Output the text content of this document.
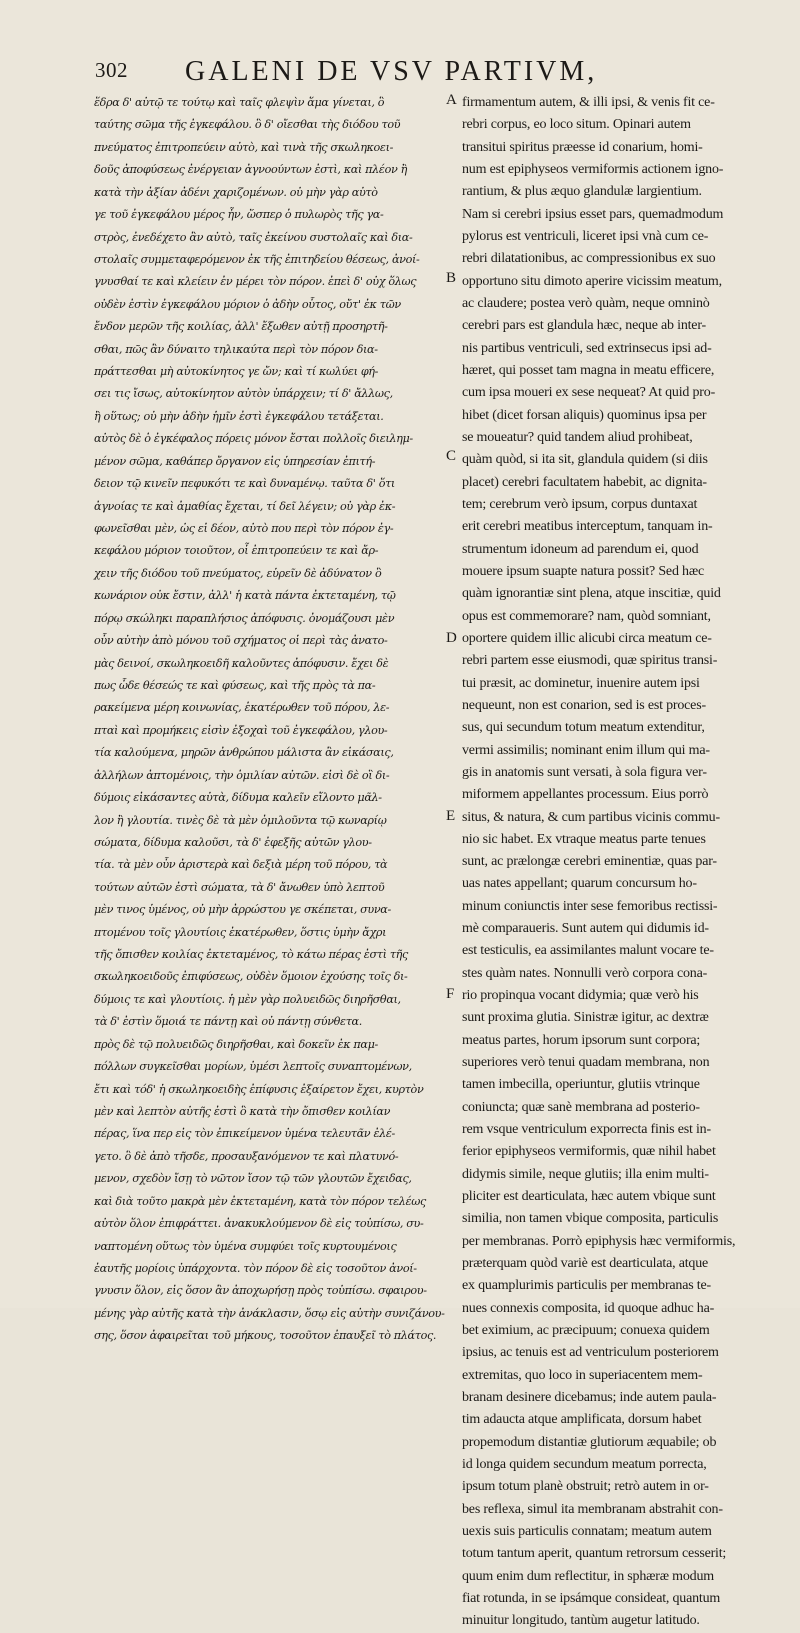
302 GALENI DE VSV PARTIVM,
ἕδρα δ' αὐτῷ τε τούτῳ καὶ ταῖς φλεψὶν ἅμα γίνεται, ὃ
ταύτης σῶμα τῆς ἐγκεφάλου. ὃ δ' οἴεσθαι τὴς διόδου τοῦ
πνεύματος ἐπιτροπεύειν αὐτὸ, καὶ τινὰ τῆς σκωληκοει-
δοῦς ἀποφύσεως ἐνέργειαν ἀγνοούντων ἐστὶ, καὶ πλέον ἢ
κατὰ τὴν ἀξίαν ἀδένι χαριζομένων. οὐ μὴν γὰρ αὐτὸ
γε τοῦ ἐγκεφάλου μέρος ἦν, ὥσπερ ὁ πυλωρὸς τῆς γα-
στρὸς, ἐνεδέχετο ἂν αὐτὸ, ταῖς ἐκείνου συστολαῖς καὶ δια-
στολαῖς συμμεταφερόμενον ἐκ τῆς ἐπιτηδείου θέσεως, ἀνοί-
γνυσθαί τε καὶ κλείειν ἐν μέρει τὸν πόρον. ἐπεὶ δ' οὐχ ὅλως
οὐδὲν ἐστὶν ἐγκεφάλου μόριον ὁ ἀδὴν οὗτος, οὔτ' ἐκ τῶν
ἔνδον μερῶν τῆς κοιλίας, ἀλλ' ἔξωθεν αὐτῇ προσηρτῆ-
σθαι, πῶς ἂν δύναιτο τηλικαύτα περὶ τὸν πόρον δια-
πράττεσθαι μὴ αὐτοκίνητος γε ὤν; καὶ τί κωλύει φή-
σει τις ἴσως, αὐτοκίνητον αὐτὸν ὑπάρχειν; τί δ' ἄλλως,
ἢ οὕτως; οὐ μὴν ἀδὴν ἡμῖν ἐστὶ ἐγκεφάλου τετάξεται.
αὐτὸς δὲ ὁ ἐγκέφαλος πόρεις μόνον ἔσται πολλοῖς διειλημ-
μένον σῶμα, καθάπερ ὄργανον εἰς ὑπηρεσίαν ἐπιτή-
δειον τῷ κινεῖν πεφυκότι τε καὶ δυναμένῳ. ταῦτα δ' ὅτι
ἀγνοίας τε καὶ ἀμαθίας ἔχεται, τί δεῖ λέγειν; οὐ γὰρ ἐκ-
φωνεῖσθαι μὲν, ὡς εἰ δέον, αὐτὸ που περὶ τὸν πόρον ἐγ-
κεφάλου μόριον τοιοῦτον, οἷ ἐπιτροπεύειν τε καὶ ἄρ-
χειν τῆς διόδου τοῦ πνεύματος, εὑρεῖν δὲ ἀδύνατον ὃ
κωνάριον οὐκ ἔστιν, ἀλλ' ἡ κατὰ πάντα ἐκτεταμένη, τῷ
πόρῳ σκώληκι παραπλήσιος ἀπόφυσις. ὀνομάζουσι μὲν
οὖν αὐτὴν ἀπὸ μόνου τοῦ σχήματος οἱ περὶ τὰς ἀνατο-
μὰς δεινοί, σκωληκοειδῆ καλοῦντες ἀπόφυσιν. ἔχει δὲ
πως ὧδε θέσεώς τε καὶ φύσεως, καὶ τῆς πρὸς τὰ πα-
ρακείμενα μέρη κοινωνίας, ἑκατέρωθεν τοῦ πόρου, λε-
πταὶ καὶ προμήκεις εἰσὶν ἐξοχαὶ τοῦ ἐγκεφάλου, γλου-
τία καλούμενα, μηρῶν ἀνθρώπου μάλιστα ἂν εἰκάσαις,
ἀλλήλων ἁπτομένοις, τὴν ὁμιλίαν αὐτῶν. εἰσὶ δὲ οἳ δι-
δύμοις εἰκάσαντες αὐτὰ, δίδυμα καλεῖν εἴλοντο μᾶλ-
λον ἢ γλουτία. τινὲς δὲ τὰ μὲν ὁμιλοῦντα τῷ κωναρίῳ
σώματα, δίδυμα καλοῦσι, τὰ δ' ἐφεξῆς αὐτῶν γλου-
τία. τὰ μὲν οὖν ἀριστερὰ καὶ δεξιὰ μέρη τοῦ πόρου, τὰ
τούτων αὐτῶν ἐστὶ σώματα, τὰ δ' ἄνωθεν ὑπὸ λεπτοῦ
μὲν τινος ὑμένος, οὐ μὴν ἀρρώστου γε σκέπεται, συνα-
πτομένου τοῖς γλουτίοις ἑκατέρωθεν, ὅστις ὑμὴν ἄχρι
τῆς ὄπισθεν κοιλίας ἐκτεταμένος, τὸ κάτω πέρας ἐστὶ τῆς
σκωληκοειδοῦς ἐπιφύσεως, οὐδὲν ὅμοιον ἐχούσης τοῖς δι-
δύμοις τε καὶ γλουτίοις. ἡ μὲν γὰρ πολυειδῶς διηρῆσθαι,
τὰ δ' ἐστὶν ὅμοιά τε πάντῃ καὶ οὐ πάντῃ σύνθετα.
πρὸς δὲ τῷ πολυειδῶς διηρῆσθαι, καὶ δοκεῖν ἐκ παμ-
πόλλων συγκεῖσθαι μορίων, ὑμέσι λεπτοῖς συναπτομένων,
ἔτι καὶ τόδ' ἡ σκωληκοειδὴς ἐπίφυσις ἐξαίρετον ἔχει, κυρτὸν
μὲν καὶ λεπτὸν αὐτῆς ἐστὶ ὃ κατὰ τὴν ὄπισθεν κοιλίαν
πέρας, ἵνα περ εἰς τὸν ἐπικείμενον ὑμένα τελευτᾶν ἐλέ-
γετο. ὃ δὲ ἀπὸ τῆσδε, προσαυξανόμενον τε καὶ πλατυνό-
μενον, σχεδὸν ἴσῃ τὸ νῶτον ἴσον τῷ τῶν γλουτῶν ἔχειδας,
καὶ διὰ τοῦτο μακρὰ μὲν ἐκτεταμένη, κατὰ τὸν πόρον τελέως
αὐτὸν ὅλον ἐπιφράττει. ἀνακυκλούμενον δὲ εἰς τοὐπίσω, συ-
ναπτομένη οὕτως τὸν ὑμένα συμφύει τοῖς κυρτουμένοις
ἑαυτῆς μορίοις ὑπάρχοντα. τὸν πόρον δὲ εἰς τοσοῦτον ἀνοί-
γνυσιν ὅλον, εἰς ὅσον ἂν ἀποχωρήσῃ πρὸς τοὐπίσω. σφαιρου-
μένης γὰρ αὐτῆς κατὰ τὴν ἀνάκλασιν, ὅσῳ εἰς αὐτὴν συνιζάνου-
σης, ὅσον ἀφαιρεῖται τοῦ μήκους, τοσοῦτον ἐπαυξεῖ τὸ πλάτος.
A
B
C
D
E
F
firmamentum autem, & illi ipsi, & venis fit ce-
rebri corpus, eo loco situm. Opinari autem
transitui spiritus præesse id conarium, homi-
num est epiphyseos vermiformis actionem igno-
rantium, & plus æquo glandulæ largientium.
Nam si cerebri ipsius esset pars, quemadmodum
pylorus est ventriculi, liceret ipsi vnà cum ce-
rebri dilatationibus, ac compressionibus ex suo
opportuno situ dimoto aperire vicissim meatum,
ac claudere; postea verò quàm, neque omninò
cerebri pars est glandula hæc, neque ab inter-
nis partibus ventriculi, sed extrinsecus ipsi ad-
hæret, qui posset tam magna in meatu efficere,
cum ipsa moueri ex sese nequeat? At quid pro-
hibet (dicet forsan aliquis) quominus ipsa per
se moueatur? quid tandem aliud prohibeat,
quàm quòd, si ita sit, glandula quidem (si diis
placet) cerebri facultatem habebit, ac dignita-
tem; cerebrum verò ipsum, corpus duntaxat
erit cerebri meatibus interceptum, tanquam in-
strumentum idoneum ad parendum ei, quod
mouere ipsum suapte natura possit? Sed hæc
quàm ignorantiæ sint plena, atque inscitiæ, quid
opus est commemorare? nam, quòd somniant,
oportere quidem illic alicubi circa meatum ce-
rebri partem esse eiusmodi, quæ spiritus transi-
tui præsit, ac dominetur, inuenire autem ipsi
nequeunt, non est conarion, sed is est proces-
sus, qui secundum totum meatum extenditur,
vermi assimilis; nominant enim illum qui ma-
gis in anatomis sunt versati, à sola figura ver-
miformem appellantes processum. Eius porrò
situs, & natura, & cum partibus vicinis commu-
nio sic habet. Ex vtraque meatus parte tenues
sunt, ac prælongæ cerebri eminentiæ, quas par-
uas nates appellant; quarum concursum ho-
minum coniunctis inter sese femoribus rectissi-
mè comparaueris. Sunt autem qui didumis id-
est testiculis, ea assimilantes malunt vocare te-
stes quàm nates. Nonnulli verò corpora cona-
rio propinqua vocant didymia; quæ verò his
sunt proxima glutia. Sinistræ igitur, ac dextræ
meatus partes, horum ipsorum sunt corpora;
superiores verò tenui quadam membrana, non
tamen imbecilla, operiuntur, glutiis vtrinque
coniuncta; quæ sanè membrana ad posterio-
rem vsque ventriculum exporrecta finis est in-
ferior epiphyseos vermiformis, quæ nihil habet
didymis simile, neque glutiis; illa enim multi-
pliciter est dearticulata, hæc autem vbique sunt
similia, non tamen vbique composita, particulis
per membranas. Porrò epiphysis hæc vermiformis,
præterquam quòd variè est dearticulata, atque
ex quamplurimis particulis per membranas te-
nues connexis composita, id quoque adhuc ha-
bet eximium, ac præcipuum; conuexa quidem
ipsius, ac tenuis est ad ventriculum posteriorem
extremitas, quo loco in superiacentem mem-
branam desinere dicebamus; inde autem paula-
tim adaucta atque amplificata, dorsum habet
propemodum distantiæ glutiorum æquabile; ob
id longa quidem secundum meatum porrecta,
ipsum totum planè obstruit; retrò autem in or-
bes reflexa, simul ita membranam abstrahit con-
uexis suis particulis connatam; meatum autem
totum tantum aperit, quantum retrorsum cesserit;
quum enim dum reflectitur, in sphæræ modum
fiat rotunda, in se ipsámque consideat, quantum
minuitur longitudo, tantùm augetur latitudo.
